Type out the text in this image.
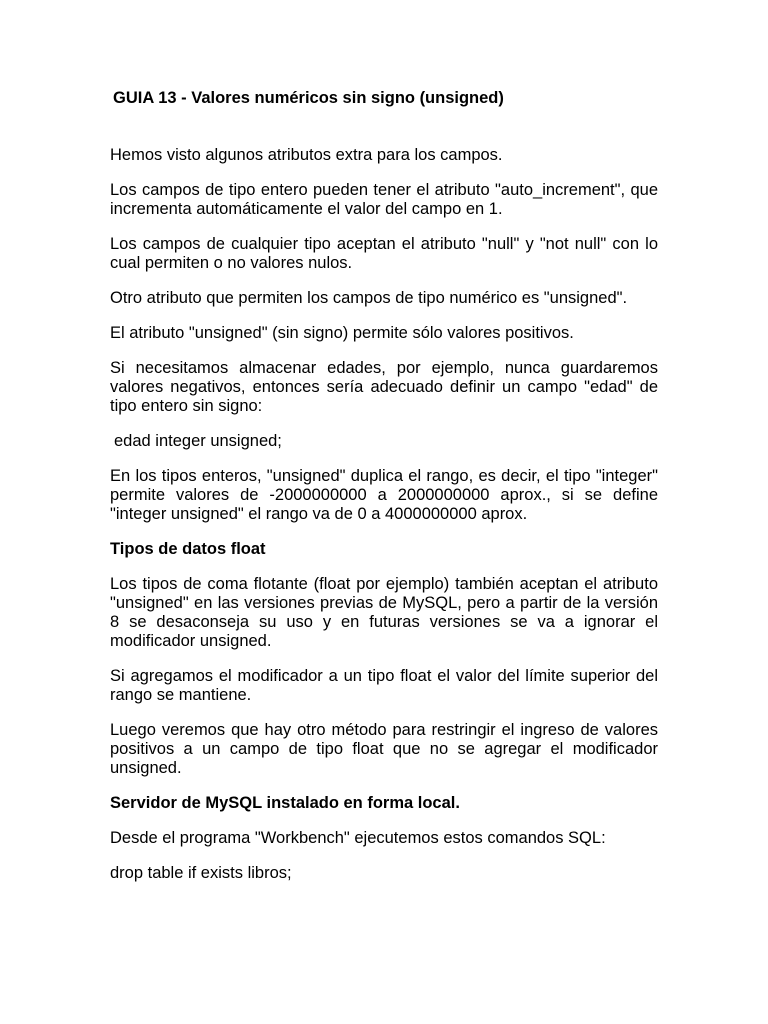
GUIA 13 - Valores numéricos sin signo (unsigned)

Hemos visto algunos atributos extra para los campos.

Los campos de tipo entero pueden tener el atributo "auto_increment", que incrementa automáticamente el valor del campo en 1.

Los campos de cualquier tipo aceptan el atributo "null" y "not null" con lo cual permiten o no valores nulos.

Otro atributo que permiten los campos de tipo numérico es "unsigned".

El atributo "unsigned" (sin signo) permite sólo valores positivos.

Si necesitamos almacenar edades, por ejemplo, nunca guardaremos valores negativos, entonces sería adecuado definir un campo "edad" de tipo entero sin signo:

edad integer unsigned;

En los tipos enteros, "unsigned" duplica el rango, es decir, el tipo "integer" permite valores de -2000000000 a 2000000000 aprox., si se define "integer unsigned" el rango va de 0 a 4000000000 aprox.

Tipos de datos float

Los tipos de coma flotante (float por ejemplo) también aceptan el atributo "unsigned" en las versiones previas de MySQL, pero a partir de la versión 8 se desaconseja su uso y en futuras versiones se va a ignorar el modificador unsigned.

Si agregamos el modificador a un tipo float el valor del límite superior del rango se mantiene.

Luego veremos que hay otro método para restringir el ingreso de valores positivos a un campo de tipo float que no se agregar el modificador unsigned.

Servidor de MySQL instalado en forma local.

Desde el programa "Workbench" ejecutemos estos comandos SQL:

drop table if exists libros;
